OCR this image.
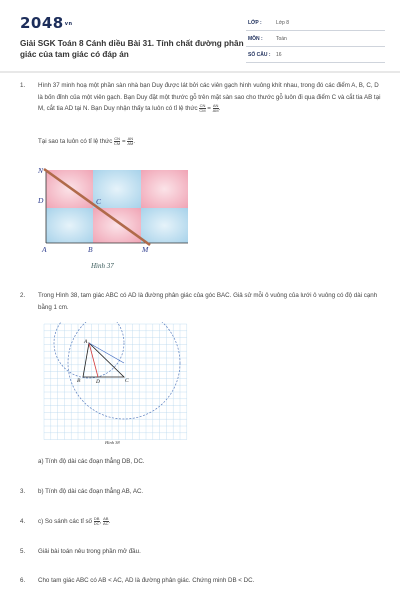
2048vn
Giải SGK Toán 8 Cánh diều Bài 31. Tính chất đường phân giác của tam giác có đáp án
LỚP :	Lớp 8
MÔN :	Toán
SỐ CÂU : 16
1. Hình 37 minh hoạ một phần sàn nhà bạn Duy được lát bởi các viên gạch hình vuông khít nhau, trong đó các điểm A, B, C, D là bốn đỉnh của một viên gạch. Bạn Duy đặt một thước gỗ trên mặt sàn sao cho thước gỗ luôn đi qua điểm C và cắt tia AB tại M, cắt tia AD tại N. Bạn Duy nhận thấy ta luôn có tỉ lệ thức $\frac{CN}{CM} = \frac{AN}{AM}$ .
Tại sao ta luôn có tỉ lệ thức $\frac{CN}{CM} = \frac{AN}{AM}$ .
N
D	C
A	B	M
Hình 37
2. Trong Hình 38, tam giác ABC có AD là đường phân giác của góc BAC. Giả sử mỗi ô vuông của lưới ô vuông có độ dài cạnh bằng 1 cm.
A
B	D	C
Hình 38
a) Tính độ dài các đoạn thẳng DB, DC.
3. b) Tính độ dài các đoạn thẳng AB, AC.
4. c) So sánh các tỉ số $\frac{DB}{DC}$ , $\frac{AB}{AC}$ .
5. Giải bài toán nêu trong phần mở đầu.
6. Cho tam giác ABC có AB < AC, AD là đường phân giác. Chứng minh DB < DC.
